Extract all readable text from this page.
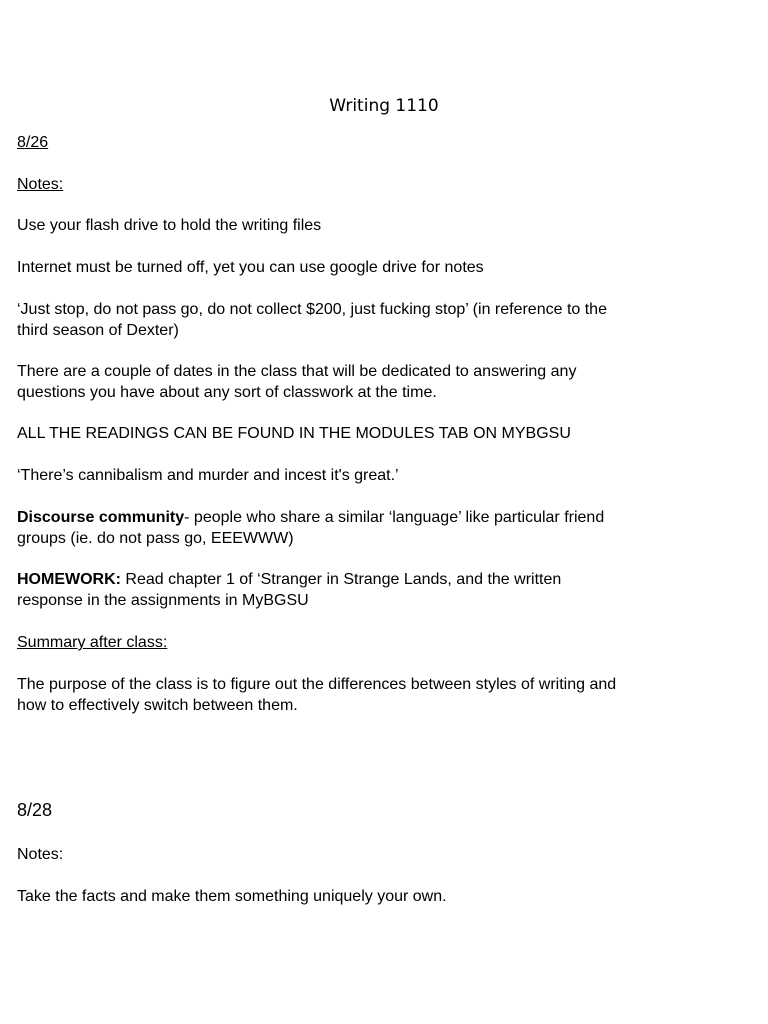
Writing 1110

8/26

Notes:

Use your flash drive to hold the writing files

Internet must be turned off, yet you can use google drive for notes

‘Just stop, do not pass go, do not collect $200, just fucking stop’ (in reference to the

third season of Dexter)

There are a couple of dates in the class that will be dedicated to answering any

questions you have about any sort of classwork at the time.

ALL THE READINGS CAN BE FOUND IN THE MODULES TAB ON MYBGSU

‘There’s cannibalism and murder and incest it's great.’

Discourse community- people who share a similar ‘language’ like particular friend

groups (ie. do not pass go, EEEWWW)

HOMEWORK: Read chapter 1 of ‘Stranger in Strange Lands, and the written

response in the assignments in MyBGSU

Summary after class:

The purpose of the class is to figure out the differences between styles of writing and

how to effectively switch between them.

8/28

Notes:

Take the facts and make them something uniquely your own.
